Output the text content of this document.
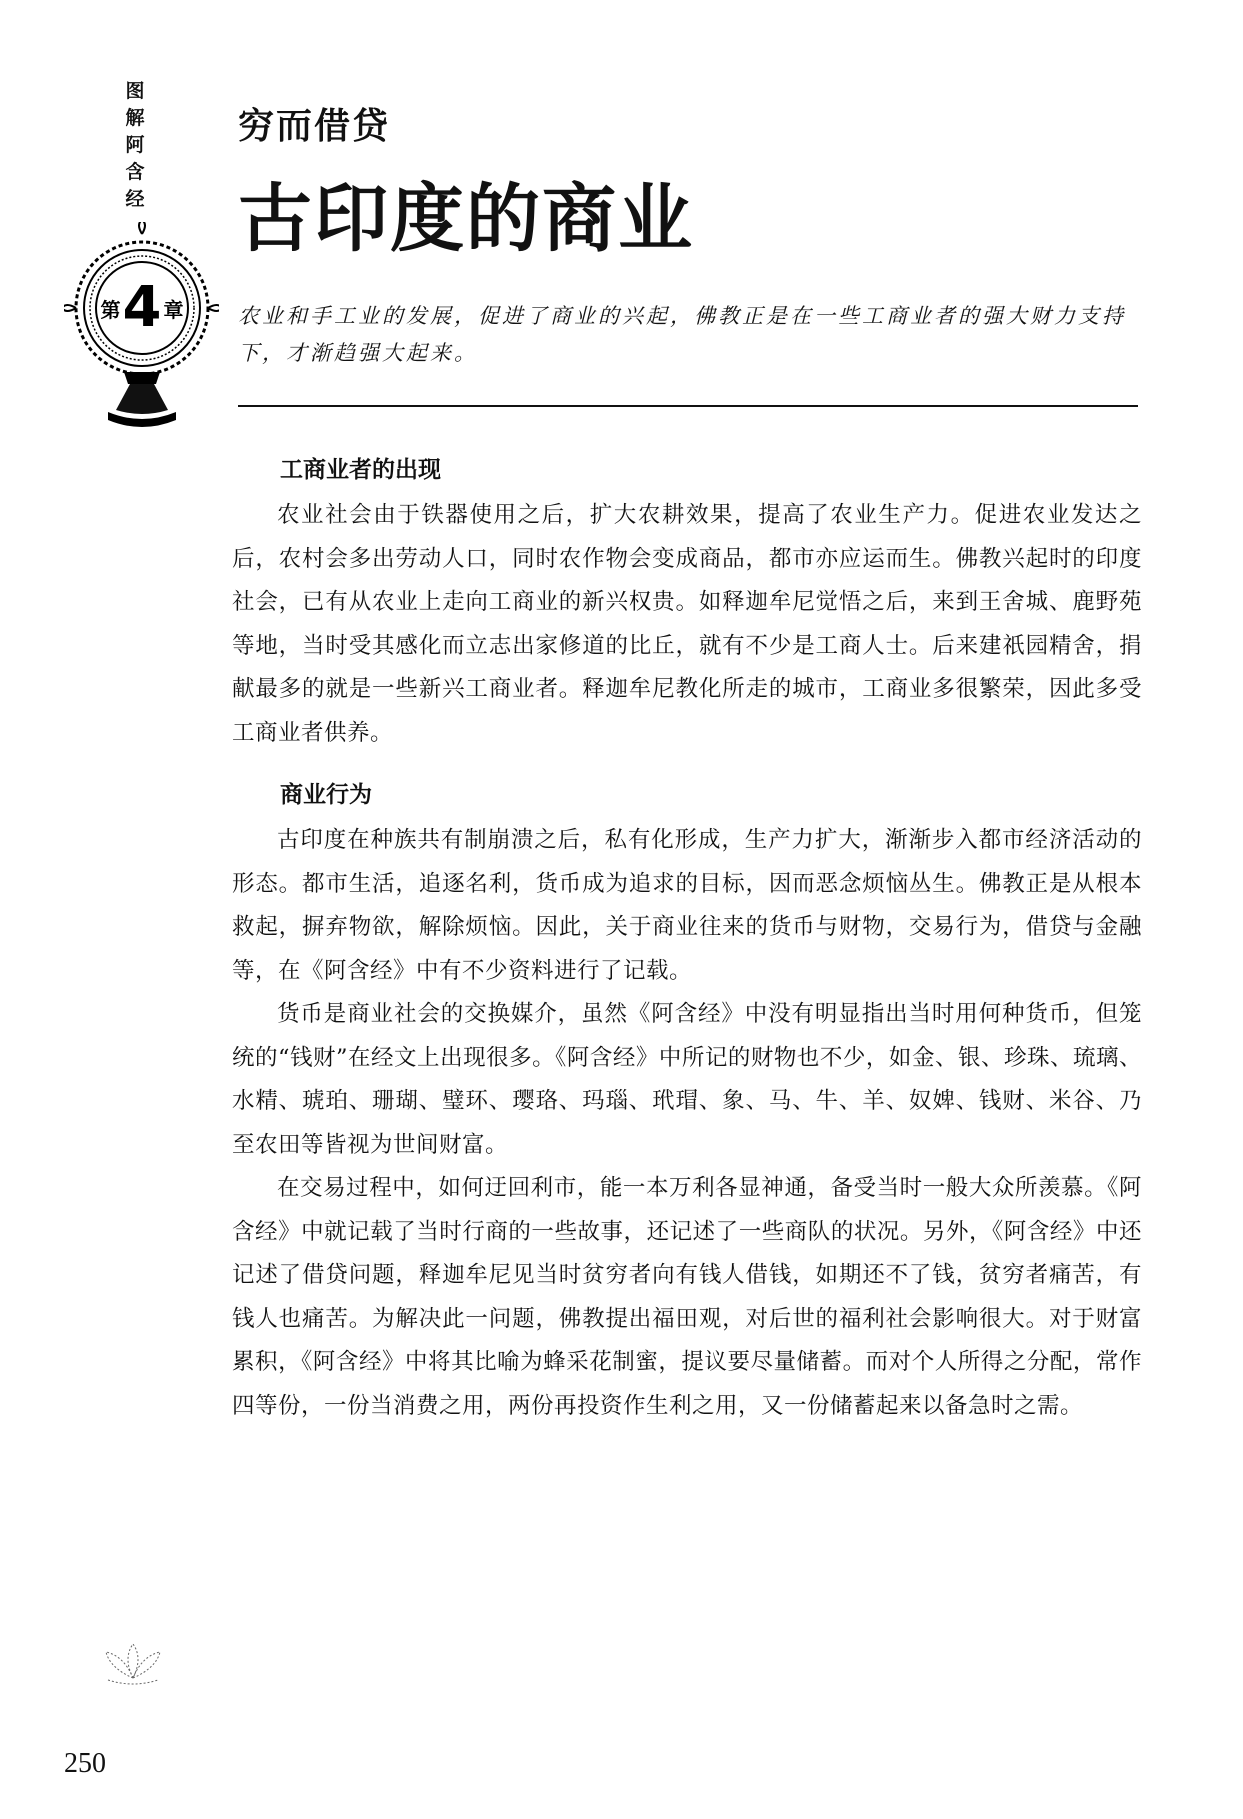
图
解
阿
含
经
第 4 章
穷而借贷
古印度的商业
农业和手工业的发展，促进了商业的兴起，佛教正是在一些工商业者的强大财力支持下，才渐趋强大起来。
工商业者的出现

农业社会由于铁器使用之后，扩大农耕效果，提高了农业生产力。促进农业发达之后，农村会多出劳动人口，同时农作物会变成商品，都市亦应运而生。佛教兴起时的印度社会，已有从农业上走向工商业的新兴权贵。如释迦牟尼觉悟之后，来到王舍城、鹿野苑等地，当时受其感化而立志出家修道的比丘，就有不少是工商人士。后来建祇园精舍，捐献最多的就是一些新兴工商业者。释迦牟尼教化所走的城市，工商业多很繁荣，因此多受工商业者供养。

商业行为

古印度在种族共有制崩溃之后，私有化形成，生产力扩大，渐渐步入都市经济活动的形态。都市生活，追逐名利，货币成为追求的目标，因而恶念烦恼丛生。佛教正是从根本救起，摒弃物欲，解除烦恼。因此，关于商业往来的货币与财物，交易行为，借贷与金融等，在《阿含经》中有不少资料进行了记载。

货币是商业社会的交换媒介，虽然《阿含经》中没有明显指出当时用何种货币，但笼统的“钱财”在经文上出现很多。《阿含经》中所记的财物也不少，如金、银、珍珠、琉璃、水精、琥珀、珊瑚、璧环、璎珞、玛瑙、玳瑁、象、马、牛、羊、奴婢、钱财、米谷、乃至农田等皆视为世间财富。

在交易过程中，如何迂回利市，能一本万利各显神通，备受当时一般大众所羡慕。《阿含经》中就记载了当时行商的一些故事，还记述了一些商队的状况。另外，《阿含经》中还记述了借贷问题，释迦牟尼见当时贫穷者向有钱人借钱，如期还不了钱，贫穷者痛苦，有钱人也痛苦。为解决此一问题，佛教提出福田观，对后世的福利社会影响很大。对于财富累积，《阿含经》中将其比喻为蜂采花制蜜，提议要尽量储蓄。而对个人所得之分配，常作四等份，一份当消费之用，两份再投资作生利之用，又一份储蓄起来以备急时之需。

250
